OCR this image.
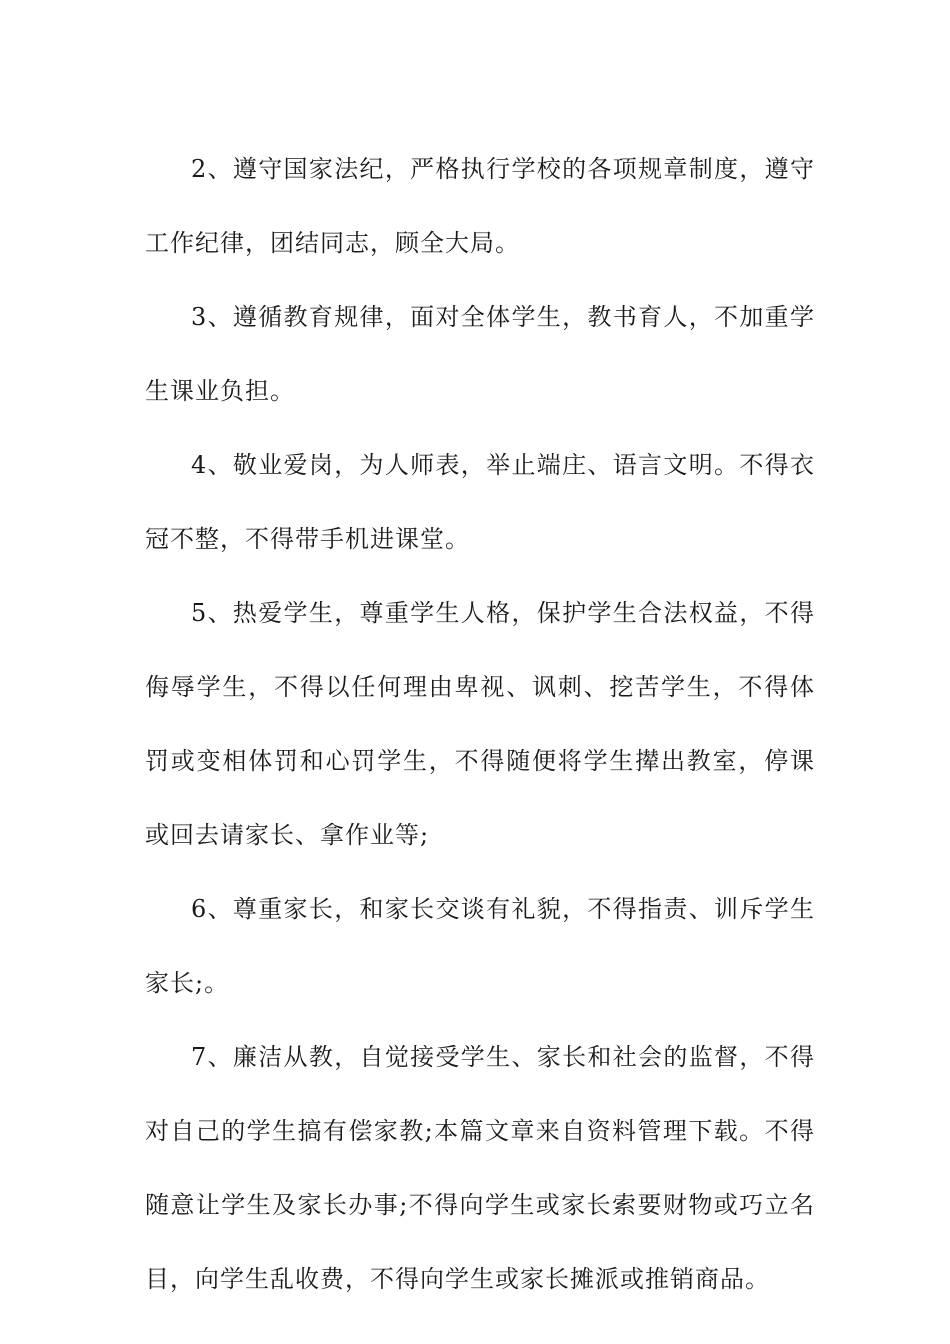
2、遵守国家法纪，严格执行学校的各项规章制度，遵守工作纪律，团结同志，顾全大局。

3、遵循教育规律，面对全体学生，教书育人，不加重学生课业负担。

4、敬业爱岗，为人师表，举止端庄、语言文明。不得衣冠不整，不得带手机进课堂。

5、热爱学生，尊重学生人格，保护学生合法权益，不得侮辱学生，不得以任何理由卑视、讽刺、挖苦学生，不得体罚或变相体罚和心罚学生，不得随便将学生撵出教室，停课或回去请家长、拿作业等;

6、尊重家长，和家长交谈有礼貌，不得指责、训斥学生家长;。

7、廉洁从教，自觉接受学生、家长和社会的监督，不得对自己的学生搞有偿家教;本篇文章来自资料管理下载。不得随意让学生及家长办事;不得向学生或家长索要财物或巧立名目，向学生乱收费，不得向学生或家长摊派或推销商品。
